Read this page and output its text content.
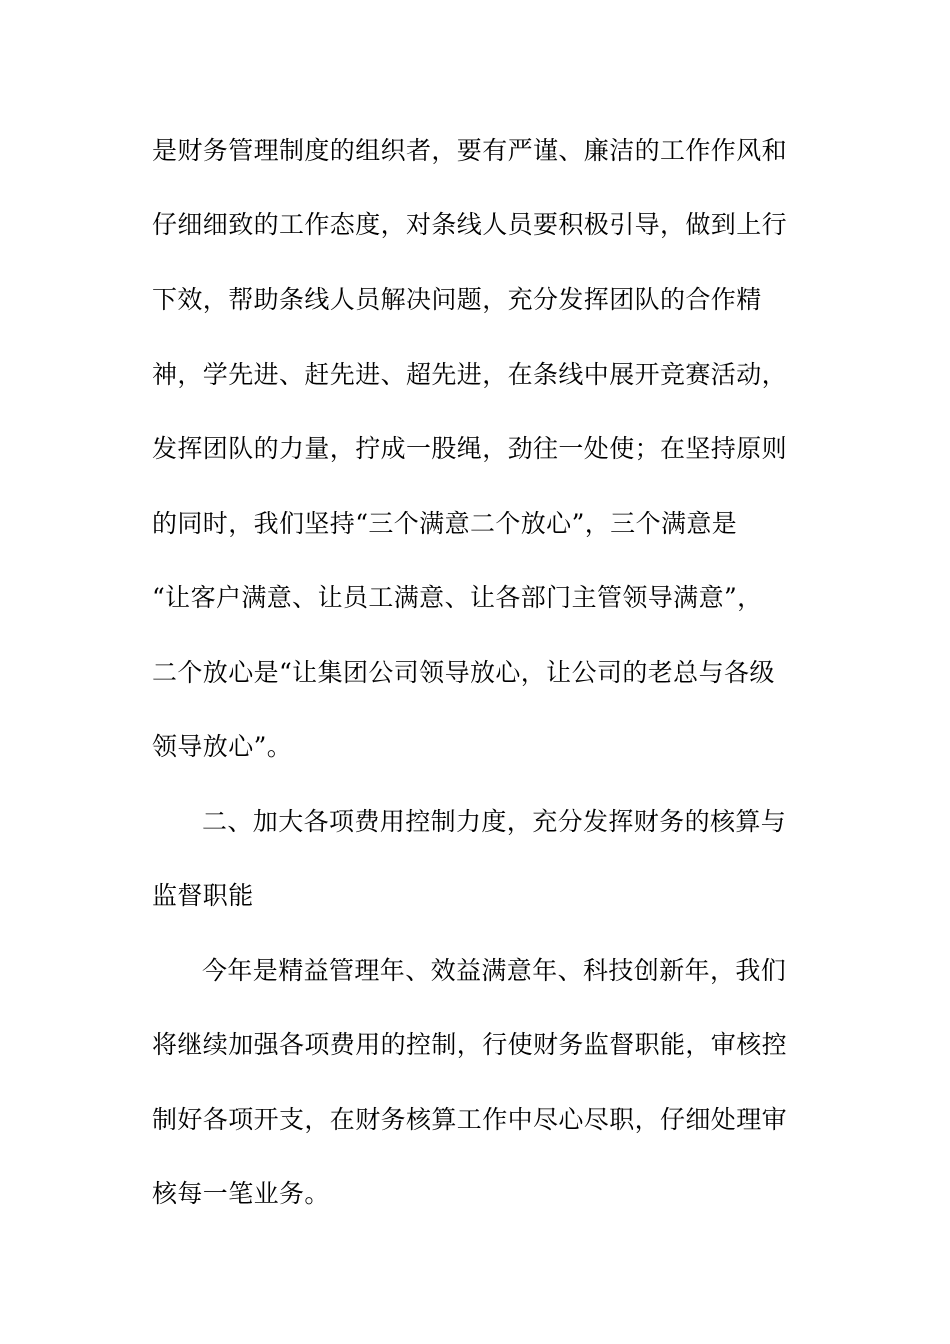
是财务管理制度的组织者，要有严谨、廉洁的工作作风和
仔细细致的工作态度，对条线人员要积极引导，做到上行
下效，帮助条线人员解决问题，充分发挥团队的合作精
神，学先进、赶先进、超先进，在条线中展开竞赛活动，
发挥团队的力量，拧成一股绳，劲往一处使；在坚持原则
的同时，我们坚持“三个满意二个放心”，三个满意是
“让客户满意、让员工满意、让各部门主管领导满意”，
二个放心是“让集团公司领导放心，让公司的老总与各级
领导放心”。
二、加大各项费用控制力度，充分发挥财务的核算与
监督职能
今年是精益管理年、效益满意年、科技创新年，我们
将继续加强各项费用的控制，行使财务监督职能，审核控
制好各项开支，在财务核算工作中尽心尽职，仔细处理审
核每一笔业务。
